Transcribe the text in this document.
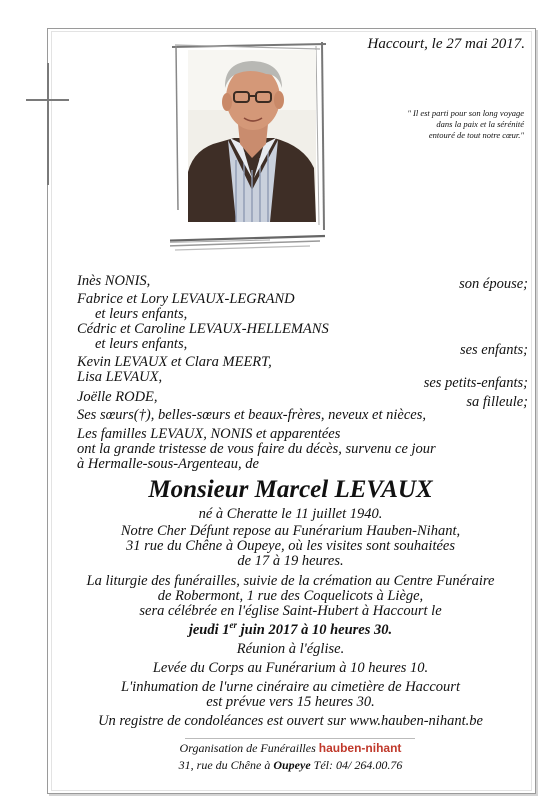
Haccourt, le 27 mai 2017.
" Il est parti pour son long voyage
dans la paix et la sérénité
entouré de tout notre cœur."
Inès NONIS,
Fabrice et Lory LEVAUX-LEGRAND
et leurs enfants,
Cédric et Caroline LEVAUX-HELLEMANS
et leurs enfants,
Kevin LEVAUX et Clara MEERT,
Lisa LEVAUX,
Joëlle RODE,
Ses sœurs(†), belles-sœurs et beaux-frères, neveux et nièces,
Les familles LEVAUX, NONIS et apparentées
ont la grande tristesse de vous faire du décès, survenu ce jour
à Hermalle-sous-Argenteau, de
son épouse;
ses enfants;
ses petits-enfants;
sa filleule;
Monsieur Marcel LEVAUX
né à Cheratte le 11 juillet 1940.
Notre Cher Défunt repose au Funérarium Hauben-Nihant,
31 rue du Chêne à Oupeye, où les visites sont souhaitées
de 17 à 19 heures.
La liturgie des funérailles, suivie de la crémation au Centre Funéraire
de Robermont, 1 rue des Coquelicots à Liège,
sera célébrée en l'église Saint-Hubert à Haccourt le
jeudi 1er juin 2017 à 10 heures 30.
Réunion à l'église.
Levée du Corps au Funérarium à 10 heures 10.
L'inhumation de l'urne cinéraire au cimetière de Haccourt
est prévue vers 15 heures 30.
Un registre de condoléances est ouvert sur www.hauben-nihant.be
Organisation de Funérailles hauben-nihant
31, rue du Chêne à Oupeye Tél: 04/ 264.00.76
